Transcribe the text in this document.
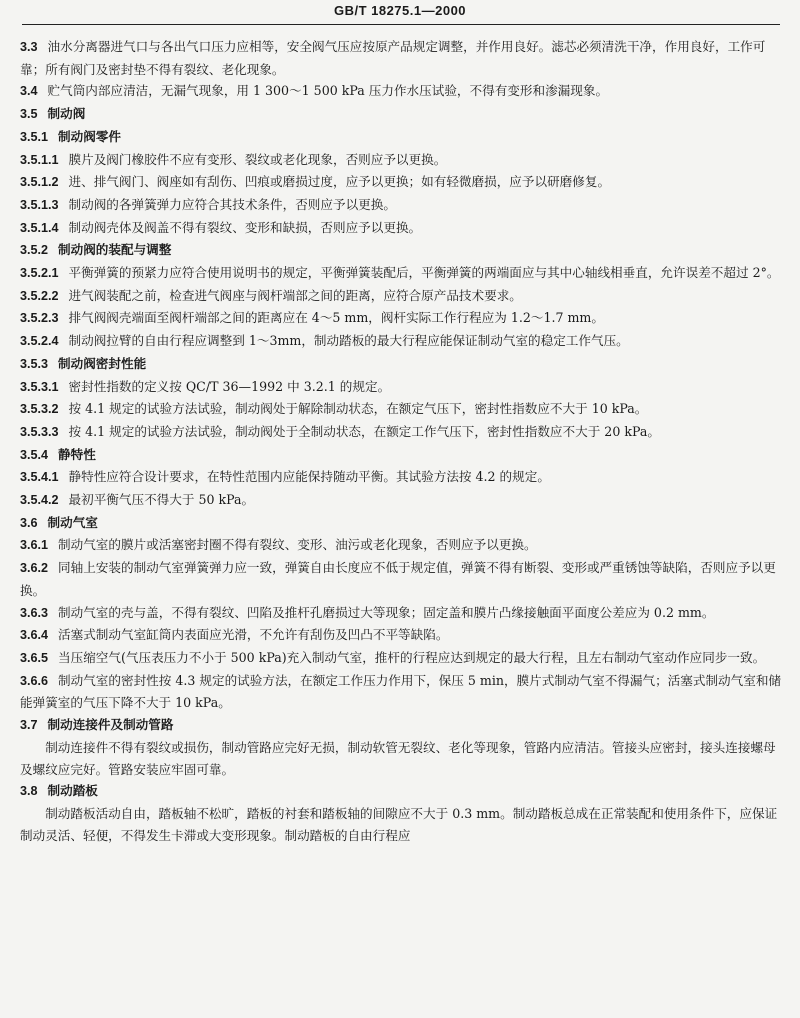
GB/T 18275.1—2000

3.3 油水分离器进气口与各出气口压力应相等，安全阀气压应按原产品规定调整，并作用良好。滤芯必须清洗干净，作用良好，工作可靠；所有阀门及密封垫不得有裂纹、老化现象。

3.4 贮气筒内部应清洁，无漏气现象，用 1 300～1 500 kPa 压力作水压试验，不得有变形和渗漏现象。

3.5 制动阀

3.5.1 制动阀零件

3.5.1.1 膜片及阀门橡胶件不应有变形、裂纹或老化现象，否则应予以更换。

3.5.1.2 进、排气阀门、阀座如有刮伤、凹痕或磨损过度，应予以更换；如有轻微磨损，应予以研磨修复。

3.5.1.3 制动阀的各弹簧弹力应符合其技术条件，否则应予以更换。

3.5.1.4 制动阀壳体及阀盖不得有裂纹、变形和缺损，否则应予以更换。

3.5.2 制动阀的装配与调整

3.5.2.1 平衡弹簧的预紧力应符合使用说明书的规定，平衡弹簧装配后，平衡弹簧的两端面应与其中心轴线相垂直，允许误差不超过 2°。

3.5.2.2 进气阀装配之前，检查进气阀座与阀杆端部之间的距离，应符合原产品技术要求。

3.5.2.3 排气阀阀壳端面至阀杆端部之间的距离应在 4～5 mm，阀杆实际工作行程应为 1.2～1.7 mm。

3.5.2.4 制动阀拉臂的自由行程应调整到 1～3mm，制动踏板的最大行程应能保证制动气室的稳定工作气压。

3.5.3 制动阀密封性能

3.5.3.1 密封性指数的定义按 QC/T 36—1992 中 3.2.1 的规定。

3.5.3.2 按 4.1 规定的试验方法试验，制动阀处于解除制动状态，在额定气压下，密封性指数应不大于 10 kPa。

3.5.3.3 按 4.1 规定的试验方法试验，制动阀处于全制动状态，在额定工作气压下，密封性指数应不大于 20 kPa。

3.5.4 静特性

3.5.4.1 静特性应符合设计要求，在特性范围内应能保持随动平衡。其试验方法按 4.2 的规定。

3.5.4.2 最初平衡气压不得大于 50 kPa。

3.6 制动气室

3.6.1 制动气室的膜片或活塞密封圈不得有裂纹、变形、油污或老化现象，否则应予以更换。

3.6.2 同轴上安装的制动气室弹簧弹力应一致，弹簧自由长度应不低于规定值，弹簧不得有断裂、变形或严重锈蚀等缺陷，否则应予以更换。

3.6.3 制动气室的壳与盖，不得有裂纹、凹陷及推杆孔磨损过大等现象；固定盖和膜片凸缘接触面平面度公差应为 0.2 mm。

3.6.4 活塞式制动气室缸筒内表面应光滑，不允许有刮伤及凹凸不平等缺陷。

3.6.5 当压缩空气(气压表压力不小于 500 kPa)充入制动气室，推杆的行程应达到规定的最大行程，且左右制动气室动作应同步一致。

3.6.6 制动气室的密封性按 4.3 规定的试验方法，在额定工作压力作用下，保压 5 min，膜片式制动气室不得漏气；活塞式制动气室和储能弹簧室的气压下降不大于 10 kPa。

3.7 制动连接件及制动管路

制动连接件不得有裂纹或损伤，制动管路应完好无损，制动软管无裂纹、老化等现象，管路内应清洁。管接头应密封，接头连接螺母及螺纹应完好。管路安装应牢固可靠。

3.8 制动踏板

制动踏板活动自由，踏板轴不松旷，踏板的衬套和踏板轴的间隙应不大于 0.3 mm。制动踏板总成在正常装配和使用条件下，应保证制动灵活、轻便，不得发生卡滞或大变形现象。制动踏板的自由行程应
